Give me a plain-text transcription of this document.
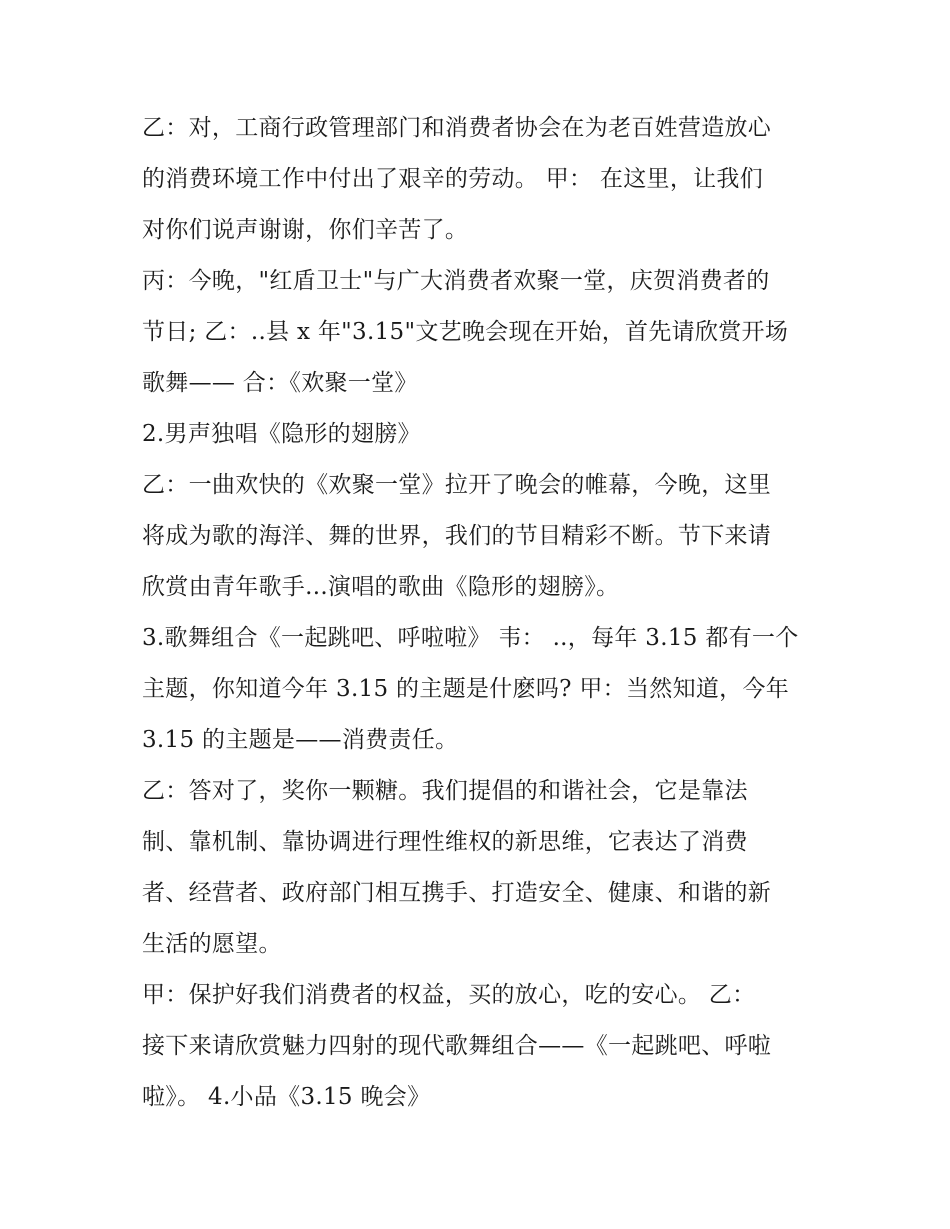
乙：对，工商行政管理部门和消费者协会在为老百姓营造放心
的消费环境工作中付出了艰辛的劳动。 甲： 在这里，让我们
对你们说声谢谢，你们辛苦了。
丙：今晚，"红盾卫士"与广大消费者欢聚一堂，庆贺消费者的
节日; 乙：..县 x 年"3.15"文艺晚会现在开始，首先请欣赏开场
歌舞—— 合：《欢聚一堂》
2.男声独唱《隐形的翅膀》
乙：一曲欢快的《欢聚一堂》拉开了晚会的帷幕，今晚，这里
将成为歌的海洋、舞的世界，我们的节目精彩不断。节下来请
欣赏由青年歌手...演唱的歌曲《隐形的翅膀》。
3.歌舞组合《一起跳吧、呼啦啦》 韦： ..，每年 3.15 都有一个
主题，你知道今年 3.15 的主题是什麽吗? 甲：当然知道，今年
3.15 的主题是——消费责任。
乙：答对了，奖你一颗糖。我们提倡的和谐社会，它是靠法
制、靠机制、靠协调进行理性维权的新思维，它表达了消费
者、经营者、政府部门相互携手、打造安全、健康、和谐的新
生活的愿望。
甲：保护好我们消费者的权益，买的放心，吃的安心。 乙：
接下来请欣赏魅力四射的现代歌舞组合——《一起跳吧、呼啦
啦》。 4.小品《3.15 晚会》
